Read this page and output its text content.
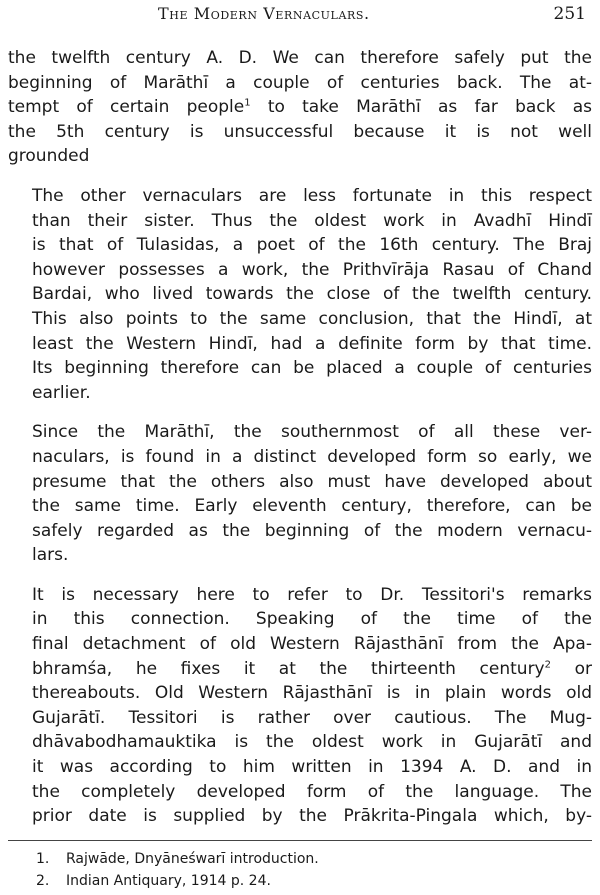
The Modern Vernaculars.	251
the twelfth century A. D. We can therefore safely put the
beginning of Marāthī a couple of centuries back. The at-
tempt of certain people$^1$ to take Marāthī as far back as
the 5th century is unsuccessful because it is not well
grounded
The other vernaculars are less fortunate in this respect
than their sister. Thus the oldest work in Avadhī Hindī
is that of Tulasidas, a poet of the 16th century. The Braj
however possesses a work, the Prithvīrāja Rasau of Chand
Bardai, who lived towards the close of the twelfth century.
This also points to the same conclusion, that the Hindī, at
least the Western Hindī, had a definite form by that time.
Its beginning therefore can be placed a couple of centuries
earlier.
Since the Marāthī, the southernmost of all these ver-
naculars, is found in a distinct developed form so early, we
presume that the others also must have developed about
the same time. Early eleventh century, therefore, can be
safely regarded as the beginning of the modern vernacu-
lars.
It is necessary here to refer to Dr. Tessitori's remarks
in this connection. Speaking of the time of the
final detachment of old Western Rājasthānī from the Apa-
bhramśa, he fixes it at the thirteenth century$^2$ or
thereabouts. Old Western Rājasthānī is in plain words old
Gujarātī. Tessitori is rather over cautious. The Mug-
dhāvabodhamauktika is the oldest work in Gujarātī and
it was according to him written in 1394 A. D. and in
the completely developed form of the language. The
prior date is supplied by the Prākrita-Pingala which, by-
1. Rajwāde, Dnyāneśwarī introduction.
2. Indian Antiquary, 1914 p. 24.
